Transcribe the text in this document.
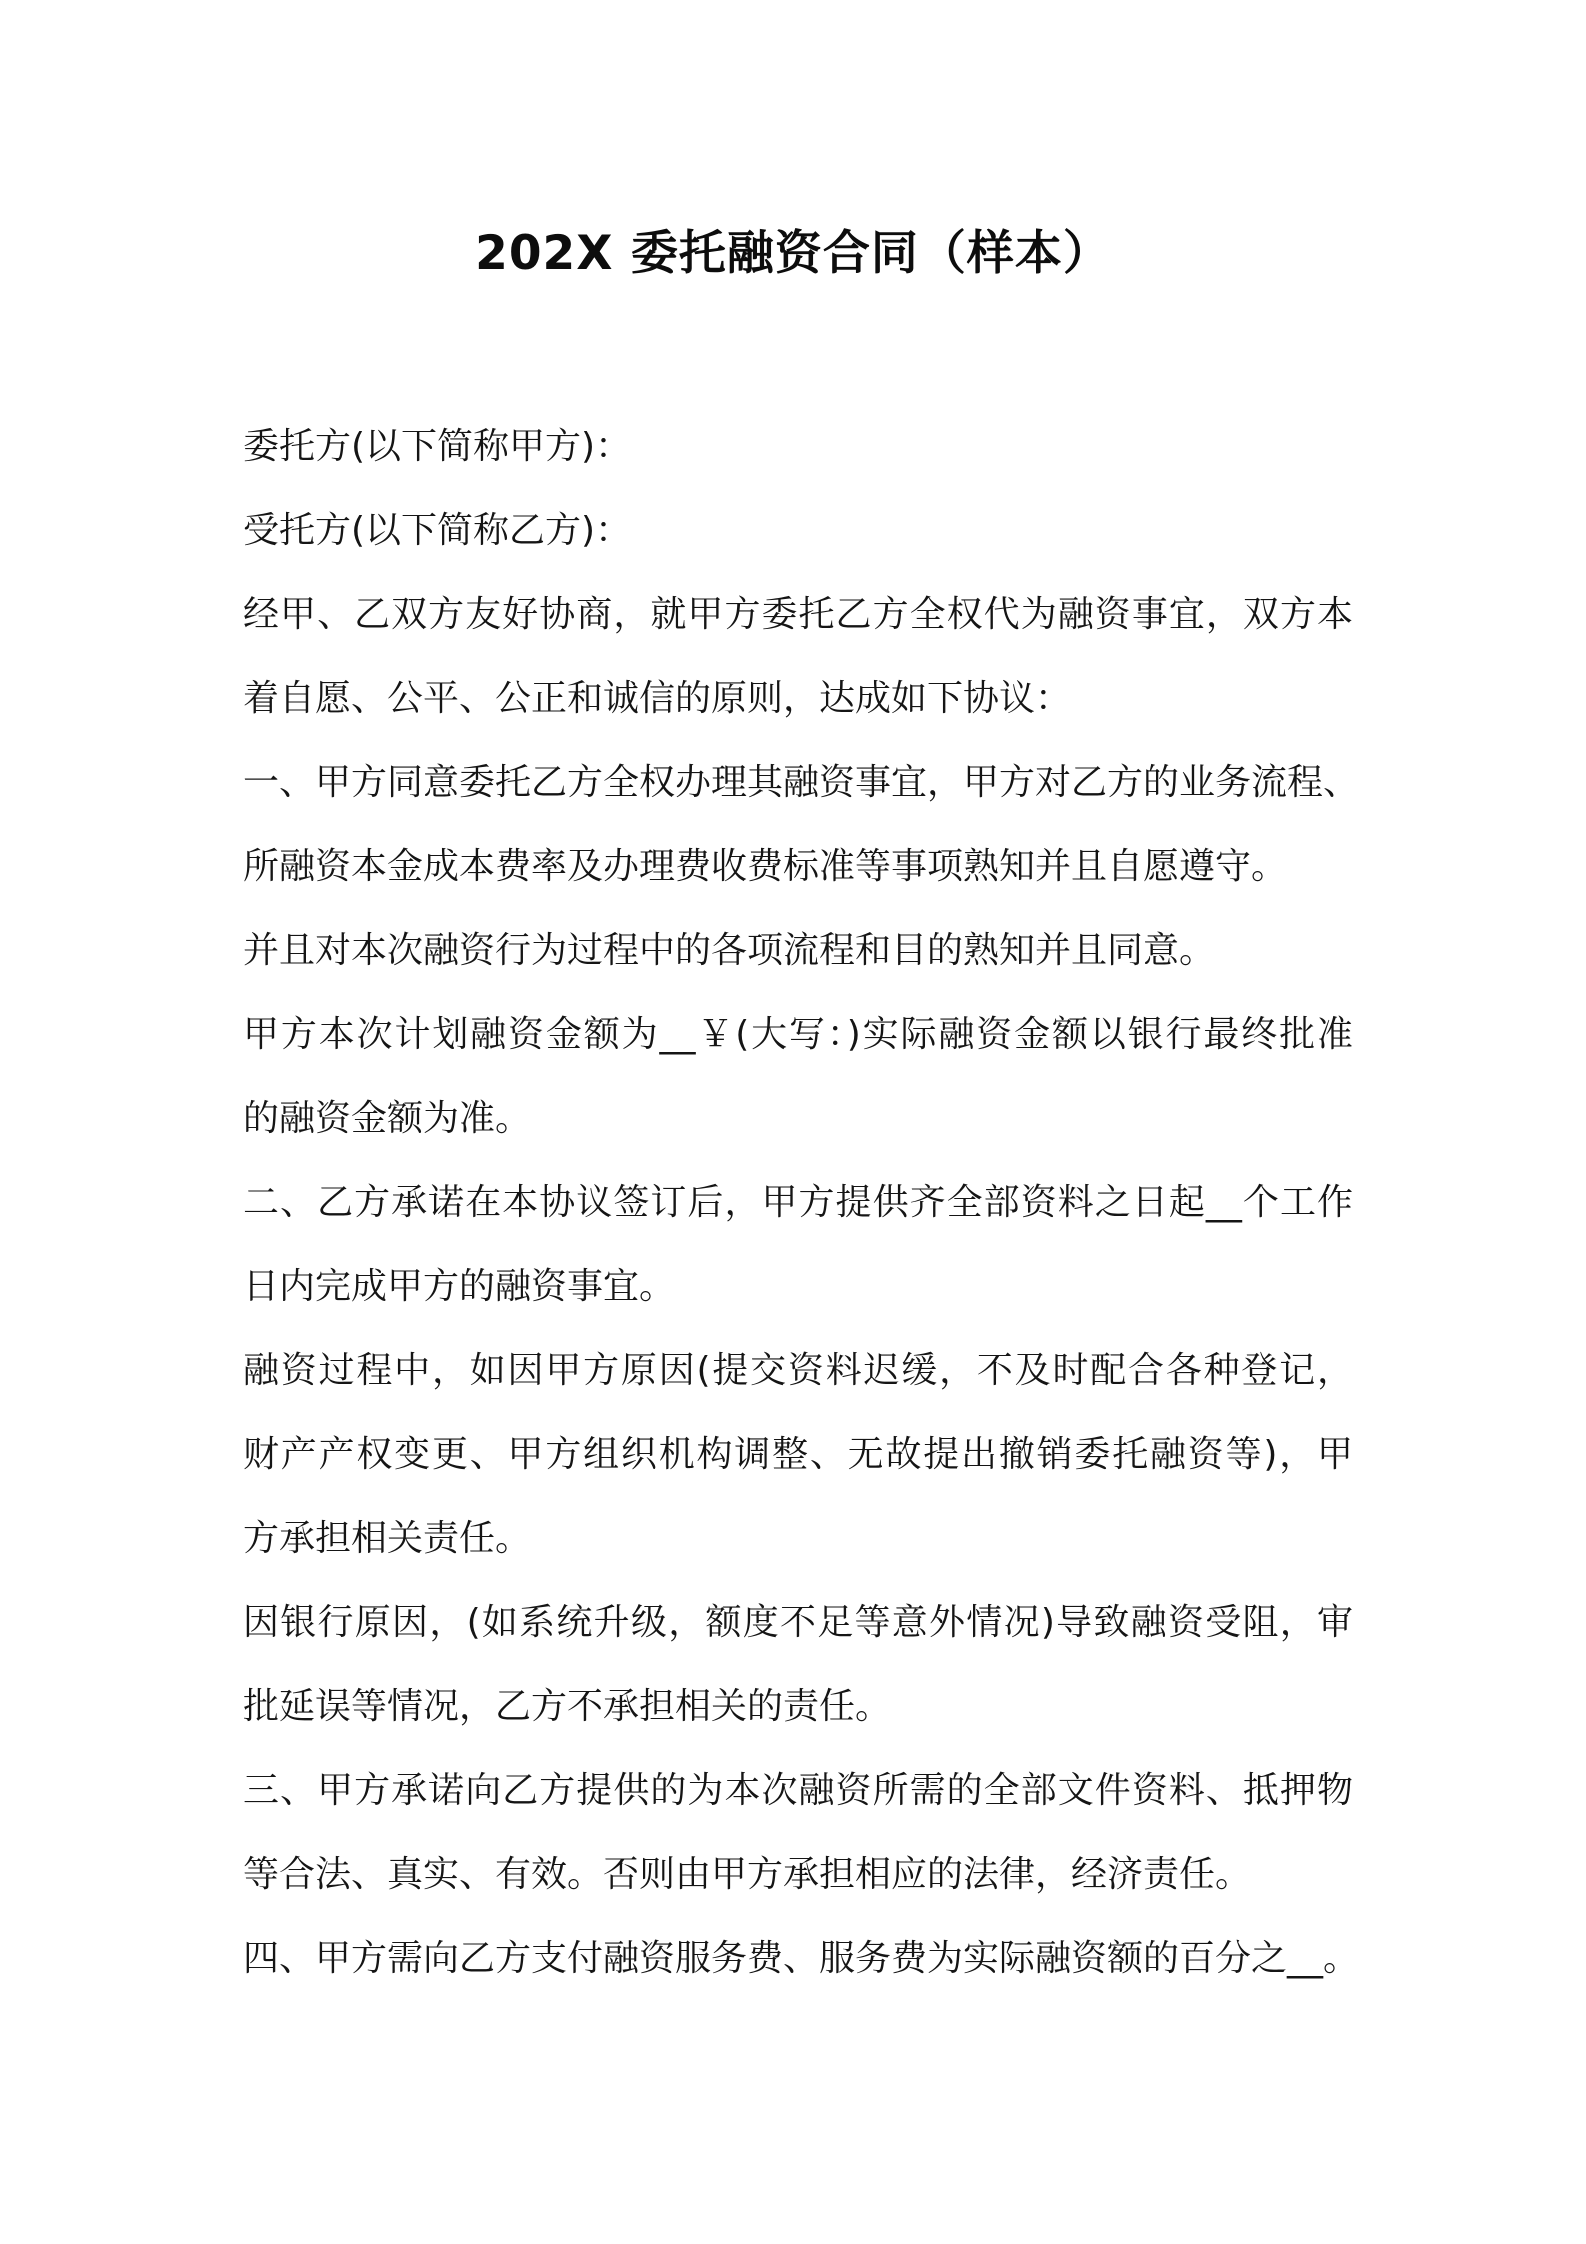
202X 委托融资合同（样本）
委托方(以下简称甲方)：
受托方(以下简称乙方)：
经甲、乙双方友好协商，就甲方委托乙方全权代为融资事宜，双方本
着自愿、公平、公正和诚信的原则，达成如下协议：
一、甲方同意委托乙方全权办理其融资事宜，甲方对乙方的业务流程、
所融资本金成本费率及办理费收费标准等事项熟知并且自愿遵守。
并且对本次融资行为过程中的各项流程和目的熟知并且同意。
甲方本次计划融资金额为__￥(大写：)实际融资金额以银行最终批准
的融资金额为准。
二、乙方承诺在本协议签订后，甲方提供齐全部资料之日起__个工作
日内完成甲方的融资事宜。
融资过程中，如因甲方原因(提交资料迟缓，不及时配合各种登记，
财产产权变更、甲方组织机构调整、无故提出撤销委托融资等)，甲
方承担相关责任。
因银行原因，(如系统升级，额度不足等意外情况)导致融资受阻，审
批延误等情况，乙方不承担相关的责任。
三、甲方承诺向乙方提供的为本次融资所需的全部文件资料、抵押物
等合法、真实、有效。否则由甲方承担相应的法律，经济责任。
四、甲方需向乙方支付融资服务费、服务费为实际融资额的百分之__。
